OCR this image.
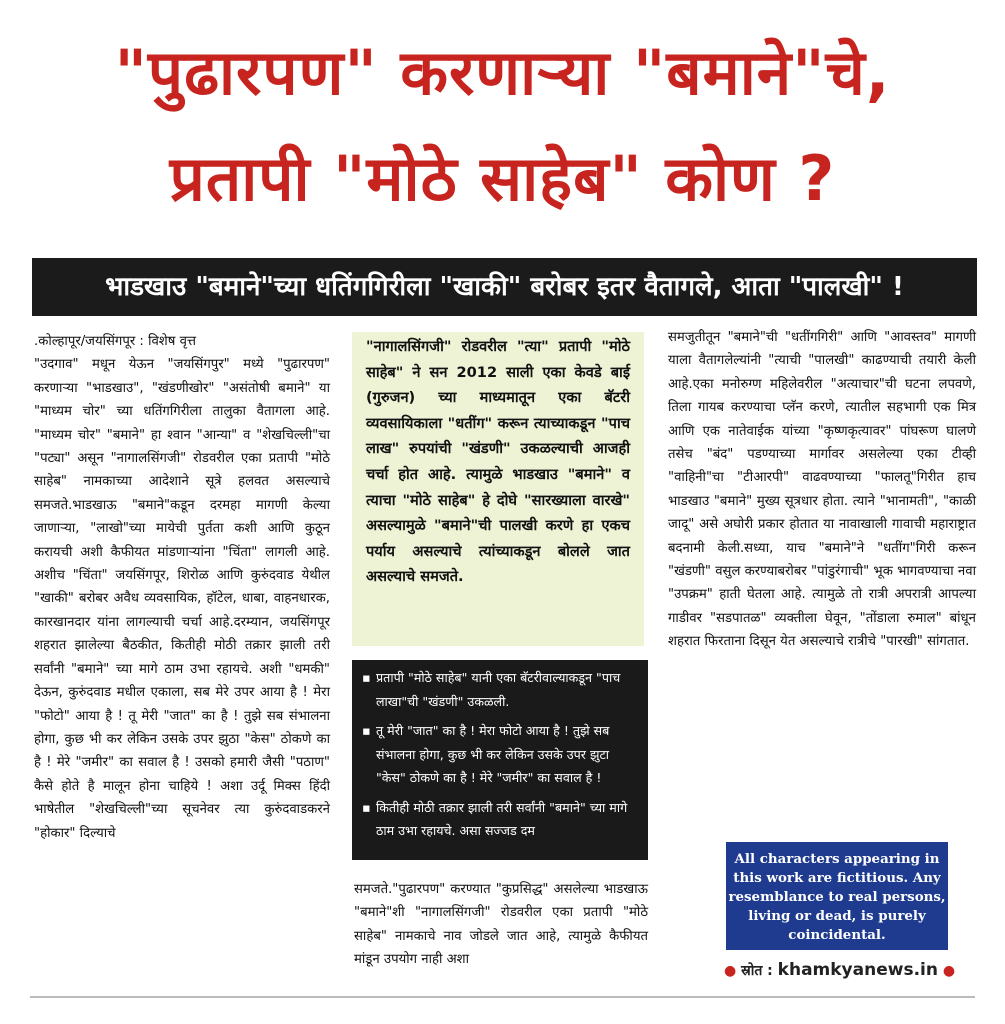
"पुढारपण" करणाऱ्या "बमाने"चे,
प्रतापी "मोठे साहेब" कोण ?
भाडखाउ "बमाने"च्या धतिंगगिरीला "खाकी" बरोबर इतर वैतागले, आता "पालखी" !

.कोल्हापूर/जयसिंगपूर : विशेष वृत्त

"उदगाव" मधून येऊन "जयसिंगपुर" मध्ये "पुढारपण" करणाऱ्या "भाडखाउ", "खंडणीखोर" "असंतोषी बमाने" या "माध्यम चोर" च्या धतिंगगिरीला तालुका वैतागला आहे. "माध्यम चोर" "बमाने" हा श्वान "आन्या" व "शेखचिल्ली"चा "पट्या" असून "नागालसिंगजी" रोडवरील एका प्रतापी "मोठे साहेब" नामकाच्या आदेशाने सूत्रे हलवत असल्याचे समजते.भाडखाऊ "बमाने"कडून दरमहा मागणी केल्या जाणाऱ्या, "लाखो"च्या मायेची पुर्तता कशी आणि कुठून करायची अशी कैफीयत मांडणाऱ्यांना "चिंता" लागली आहे. अशीच "चिंता" जयसिंगपूर, शिरोळ आणि कुरुंदवाड येथील "खाकी" बरोबर अवैध व्यवसायिक, हॉटेल, धाबा, वाहनधारक, कारखानदार यांना लागल्याची चर्चा आहे.दरम्यान, जयसिंगपूर शहरात झालेल्या बैठकीत, कितीही मोठी तक्रार झाली तरी सर्वांनी "बमाने" च्या मागे ठाम उभा रहायचे. अशी "धमकी" देऊन, कुरुंदवाड मधील एकाला, सब मेरे उपर आया है ! मेरा "फोटो" आया है ! तू मेरी "जात" का है ! तुझे सब संभालना होगा, कुछ भी कर लेकिन उसके उपर झुठा "केस" ठोकणे का है ! मेरे "जमीर" का सवाल है ! उसको हमारी जैसी "पठाण" कैसे होते है मालून होना चाहिये ! अशा उर्दू मिक्स हिंदी भाषेतील "शेखचिल्ली"च्या सूचनेवर त्या कुरुंदवाडकरने "होकार" दिल्याचे

"नागालसिंगजी" रोडवरील "त्या" प्रतापी "मोठे साहेब" ने सन 2012 साली एका केवडे बाई (गुरुजन) च्या माध्यमातून एका बॅटरी व्यवसायिकाला "धतींग" करून त्याच्याकडून "पाच लाख" रुपयांची "खंडणी" उकळल्याची आजही चर्चा होत आहे. त्यामुळे भाडखाउ "बमाने" व त्याचा "मोठे साहेब" हे दोघे "सारख्याला वारखे" असल्यामुळे "बमाने"ची पालखी करणे हा एकच पर्याय असल्याचे त्यांच्याकडून बोलले जात असल्याचे समजते.

▪ प्रतापी "मोठे साहेब" यानी एका बॅटरीवाल्याकडून "पाच लाखा"ची "खंडणी" उकळली.
▪ तू मेरी "जात" का है ! मेरा फोटो आया है ! तुझे सब संभालना होगा, कुछ भी कर लेकिन उसके उपर झुटा "केस" ठोकणे का है ! मेरे "जमीर" का सवाल है !
▪ कितीही मोठी तक्रार झाली तरी सर्वांनी "बमाने" च्या मागे ठाम उभा रहायचे. असा सज्जड दम

समजते."पुढारपण" करण्यात "कुप्रसिद्ध" असलेल्या भाडखाऊ "बमाने"शी "नागालसिंगजी" रोडवरील एका प्रतापी "मोठे साहेब" नामकाचे नाव जोडले जात आहे, त्यामुळे कैफीयत मांडून उपयोग नाही अशा

समजुतीतून "बमाने"ची "धतींगगिरी" आणि "आवस्तव" मागणी याला वैतागलेल्यांनी "त्याची "पालखी" काढण्याची तयारी केली आहे.एका मनोरुग्ण महिलेवरील "अत्याचार"ची घटना लपवणे, तिला गायब करण्याचा प्लॅन करणे, त्यातील सहभागी एक मित्र आणि एक नातेवाईक यांच्या "कृष्णकृत्यावर" पांघरूण घालणे तसेच "बंद" पडण्याच्या मार्गावर असलेल्या एका टीव्ही "वाहिनी"चा "टीआरपी" वाढवण्याच्या "फालतू"गिरीत हाच भाडखाउ "बमाने" मुख्य सूत्रधार होता. त्याने "भानामती", "काळी जादू" असे अघोरी प्रकार होतात या नावाखाली गावाची महाराष्ट्रात बदनामी केली.सध्या, याच "बमाने"ने "धतींग"गिरी करून "खंडणी" वसुल करण्याबरोबर "पांडुरंगाची" भूक भागवण्याचा नवा "उपक्रम" हाती घेतला आहे. त्यामुळे तो रात्री अपरात्री आपल्या गाडीवर "सडपातळ" व्यक्तीला घेवून, "तोंडाला रुमाल" बांधून शहरात फिरताना दिसून येत असल्याचे रात्रीचे "पारखी" सांगतात.

All characters appearing in this work are fictitious. Any resemblance to real persons, living or dead, is purely coincidental.
● स्रोत : khamkyanews.in ●
